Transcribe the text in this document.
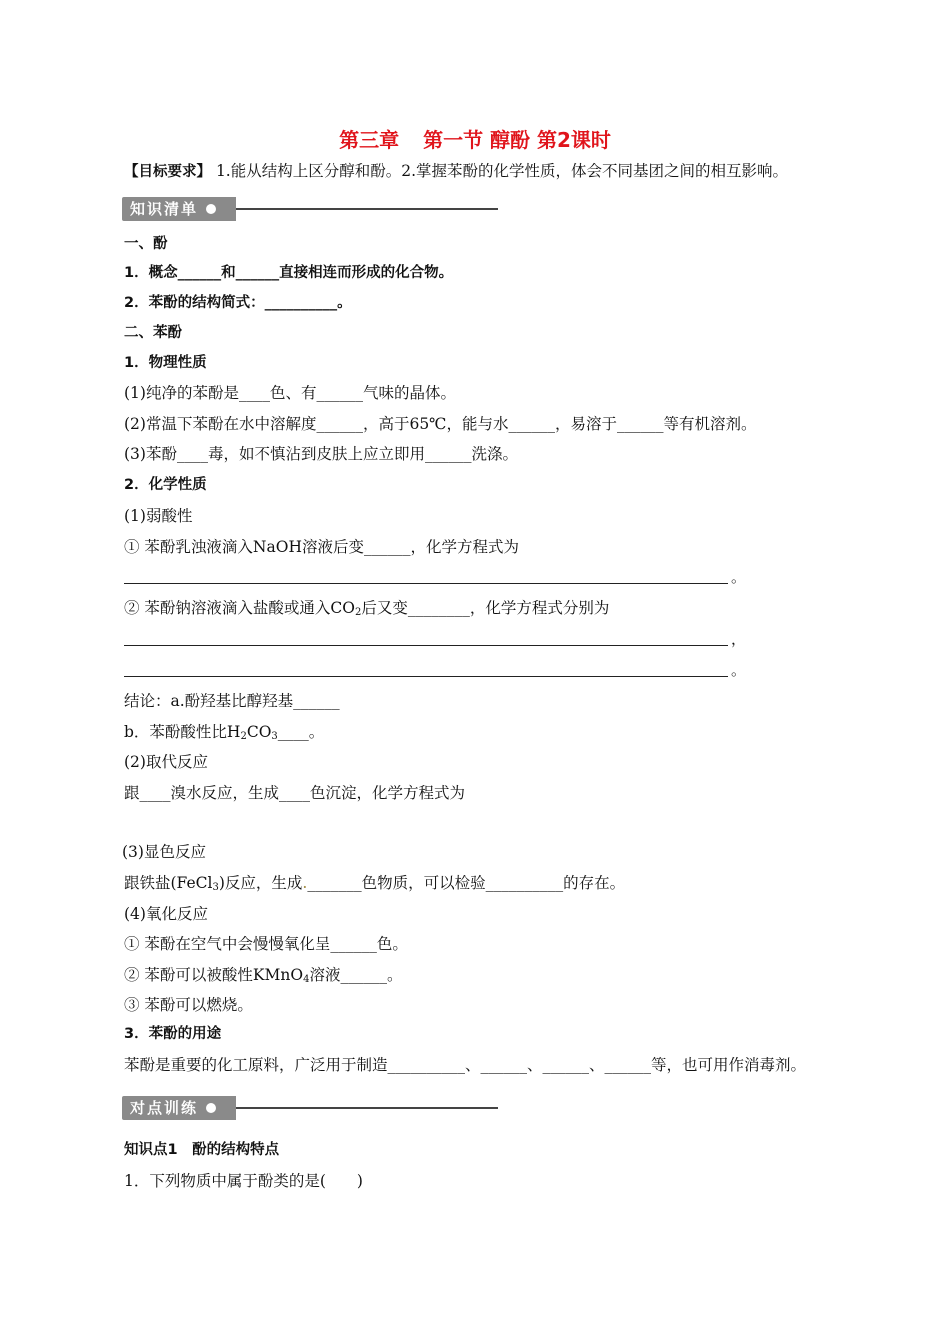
第三章 第一节 醇酚 第2课时
【目标要求】 1.能从结构上区分醇和酚。2.掌握苯酚的化学性质，体会不同基团之间的相互影响。
知识清单
一、酚
1．概念______和______直接相连而形成的化合物。
2．苯酚的结构简式：__________。
二、苯酚
1．物理性质
(1)纯净的苯酚是____色、有______气味的晶体。
(2)常温下苯酚在水中溶解度______，高于65℃，能与水______，易溶于______等有机溶剂。
(3)苯酚____毒，如不慎沾到皮肤上应立即用______洗涤。
2．化学性质
(1)弱酸性
① 苯酚乳浊液滴入NaOH溶液后变______，化学方程式为
。
② 苯酚钠溶液滴入盐酸或通入$CO_2$后又变________，化学方程式分别为
，
。
结论：a.酚羟基比醇羟基______
b．苯酚酸性比$H_2CO_3\_\_\_\_$。
(2)取代反应
跟____溴水反应，生成____色沉淀，化学方程式为
(3)显色反应
跟铁盐(FeCl$_3$)反应，生成._______色物质，可以检验__________的存在。
(4)氧化反应
① 苯酚在空气中会慢慢氧化呈______色。
② 苯酚可以被酸性KMnO$_4$溶液______。
③ 苯酚可以燃烧。
3．苯酚的用途
苯酚是重要的化工原料，广泛用于制造__________、______、______、______等，也可用作消毒剂。
对点训练
知识点1　酚的结构特点
1．下列物质中属于酚类的是(　　)
